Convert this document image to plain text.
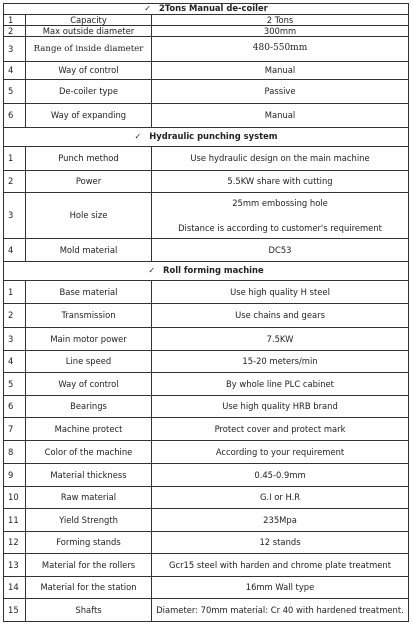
✓ 2Tons Manual de-coiler		
1	Capacity	2 Tons
2	Max outside diameter	300mm
3	Range of inside diameter	480-550mm
4	Way of control	Manual
5	De-coiler type	Passive
6	Way of expanding	Manual
✓ Hydraulic punching system		
1	Punch method	Use hydraulic design on the main machine
2	Power	5.5KW share with cutting
3	Hole size	25mm embossing hole
Distance is according to customer's requirement

4	Mold material	DC53
✓ Roll forming machine		
1	Base material	Use high quality H steel
2	Transmission	Use chains and gears
3	Main motor power	7.5KW
4	Line speed	15-20 meters/min
5	Way of control	By whole line PLC cabinet
6	Bearings	Use high quality HRB brand
7	Machine protect	Protect cover and protect mark
8	Color of the machine	According to your requirement
9	Material thickness	0.45-0.9mm
10	Raw material	G.I or H.R
11	Yield Strength	235Mpa
12	Forming stands	12 stands
13	Material for the rollers	Gcr15 steel with harden and chrome plate treatment
14	Material for the station	16mm Wall type
15	Shafts	Diameter: 70mm material: Cr 40 with hardened treatment.
